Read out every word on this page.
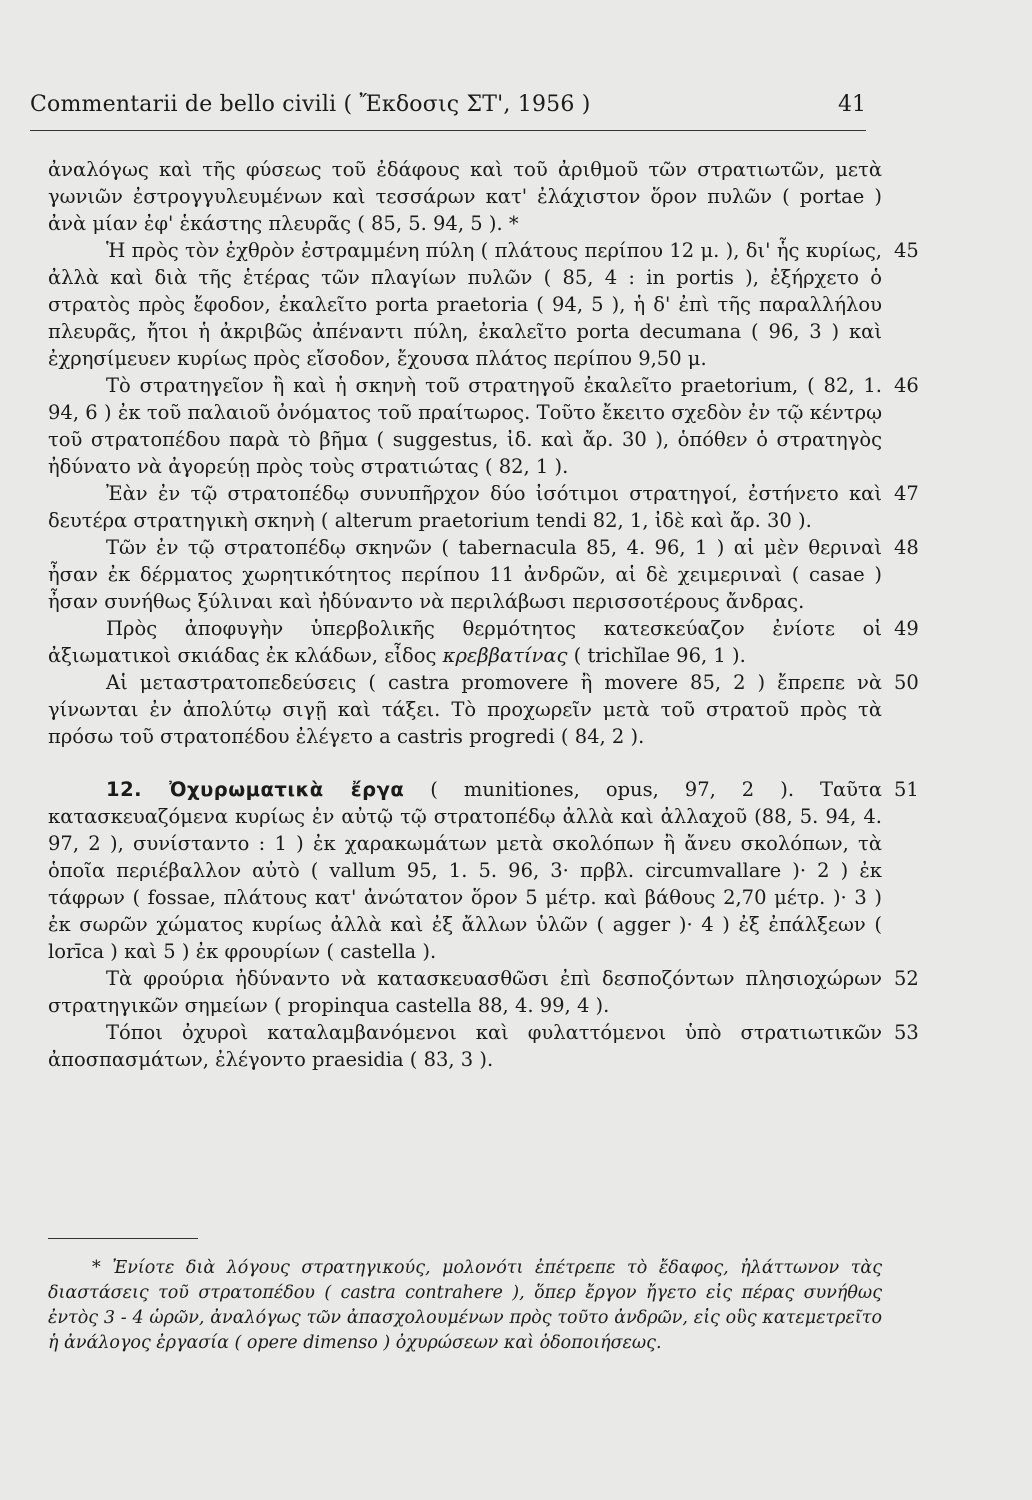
Commentarii de bello civili ( Ἔκδοσις ΣΤ', 1956 )	41

ἀναλόγως καὶ τῆς φύσεως τοῦ ἐδάφους καὶ τοῦ ἀριθμοῦ τῶν στρατιωτῶν, μετὰ γωνιῶν ἐστρογγυλευμένων καὶ τεσσάρων κατ' ἐλάχιστον ὅρον πυλῶν ( portae ) ἀνὰ μίαν ἐφ' ἑκάστης πλευρᾶς ( 85, 5. 94, 5 ). *

Ἡ πρὸς τὸν ἐχθρὸν ἐστραμμένη πύλη ( πλάτους περίπου 12 μ. ), δι' ἧς κυρίως, ἀλλὰ καὶ διὰ τῆς ἑτέρας τῶν πλαγίων πυλῶν ( 85, 4 : in portis ), ἐξήρχετο ὁ στρατὸς πρὸς ἔφοδον, ἐκαλεῖτο porta praetoria ( 94, 5 ), ἡ δ' ἐπὶ τῆς παραλλήλου πλευρᾶς, ἤτοι ἡ ἀκριβῶς ἀπέναντι πύλη, ἐκαλεῖτο porta decumana ( 96, 3 ) καὶ ἐχρησίμευεν κυρίως πρὸς εἴσοδον, ἔχουσα πλάτος περίπου 9,50 μ.
45

Τὸ στρατηγεῖον ἢ καὶ ἡ σκηνὴ τοῦ στρατηγοῦ ἐκαλεῖτο praetorium, ( 82, 1. 94, 6 ) ἐκ τοῦ παλαιοῦ ὀνόματος τοῦ πραίτωρος. Τοῦτο ἔκειτο σχεδὸν ἐν τῷ κέντρῳ τοῦ στρατοπέδου παρὰ τὸ βῆμα ( suggestus, ἰδ. καὶ ἄρ. 30 ), ὁπόθεν ὁ στρατηγὸς ἠδύνατο νὰ ἀγορεύῃ πρὸς τοὺς στρατιώτας ( 82, 1 ).
46

Ἐὰν ἐν τῷ στρατοπέδῳ συνυπῆρχον δύο ἰσότιμοι στρατηγοί, ἐστήνετο καὶ δευτέρα στρατηγικὴ σκηνὴ ( alterum praetorium tendi 82, 1, ἰδὲ καὶ ἄρ. 30 ).
47

Τῶν ἐν τῷ στρατοπέδῳ σκηνῶν ( tabernacula 85, 4. 96, 1 ) αἱ μὲν θεριναὶ ἦσαν ἐκ δέρματος χωρητικότητος περίπου 11 ἀνδρῶν, αἱ δὲ χειμεριναὶ ( casae ) ἦσαν συνήθως ξύλιναι καὶ ἠδύναντο νὰ περιλάβωσι περισσοτέρους ἄνδρας.
48

Πρὸς ἀποφυγὴν ὑπερβολικῆς θερμότητος κατεσκεύαζον ἐνίοτε οἱ ἀξιωματικοὶ σκιάδας ἐκ κλάδων, εἶδος κρεββατίνας ( trichĭlae 96, 1 ).
49

Αἱ μεταστρατοπεδεύσεις ( castra promovere ἢ movere 85, 2 ) ἔπρεπε νὰ γίνωνται ἐν ἀπολύτῳ σιγῇ καὶ τάξει. Τὸ προχωρεῖν μετὰ τοῦ στρατοῦ πρὸς τὰ πρόσω τοῦ στρατοπέδου ἐλέγετο a castris progredi ( 84, 2 ).
50

12. Ὀχυρωματικὰ ἔργα ( munitiones, opus, 97, 2 ). Ταῦτα κατασκευαζόμενα κυρίως ἐν αὐτῷ τῷ στρατοπέδῳ ἀλλὰ καὶ ἀλλαχοῦ (88, 5. 94, 4. 97, 2 ), συνίσταντο : 1 ) ἐκ χαρακωμάτων μετὰ σκολόπων ἢ ἄνευ σκολόπων, τὰ ὁποῖα περιέβαλλον αὐτὸ ( vallum 95, 1. 5. 96, 3· πρβλ. circumvallare )· 2 ) ἐκ τάφρων ( fossae, πλάτους κατ' ἀνώτατον ὅρον 5 μέτρ. καὶ βάθους 2,70 μέτρ. )· 3 ) ἐκ σωρῶν χώματος κυρίως ἀλλὰ καὶ ἐξ ἄλλων ὑλῶν ( agger )· 4 ) ἐξ ἐπάλξεων ( lorīca ) καὶ 5 ) ἐκ φρουρίων ( castella ).
51

Τὰ φρούρια ἠδύναντο νὰ κατασκευασθῶσι ἐπὶ δεσποζόντων πλησιοχώρων στρατηγικῶν σημείων ( propinqua castella 88, 4. 99, 4 ).
52

Τόποι ὀχυροὶ καταλαμβανόμενοι καὶ φυλαττόμενοι ὑπὸ στρατιωτικῶν ἀποσπασμάτων, ἐλέγοντο praesidia ( 83, 3 ).
53

* Ἐνίοτε διὰ λόγους στρατηγικούς, μολονότι ἐπέτρεπε τὸ ἔδαφος, ἠλάττωνον τὰς διαστάσεις τοῦ στρατοπέδου ( castra contrahere ), ὅπερ ἔργον ἤγετο εἰς πέρας συνήθως ἐντὸς 3 - 4 ὡρῶν, ἀναλόγως τῶν ἀπασχολουμένων πρὸς τοῦτο ἀνδρῶν, εἰς οὓς κατεμετρεῖτο ἡ ἀνάλογος ἐργασία ( opere dimenso ) ὀχυρώσεων καὶ ὁδοποιήσεως.
